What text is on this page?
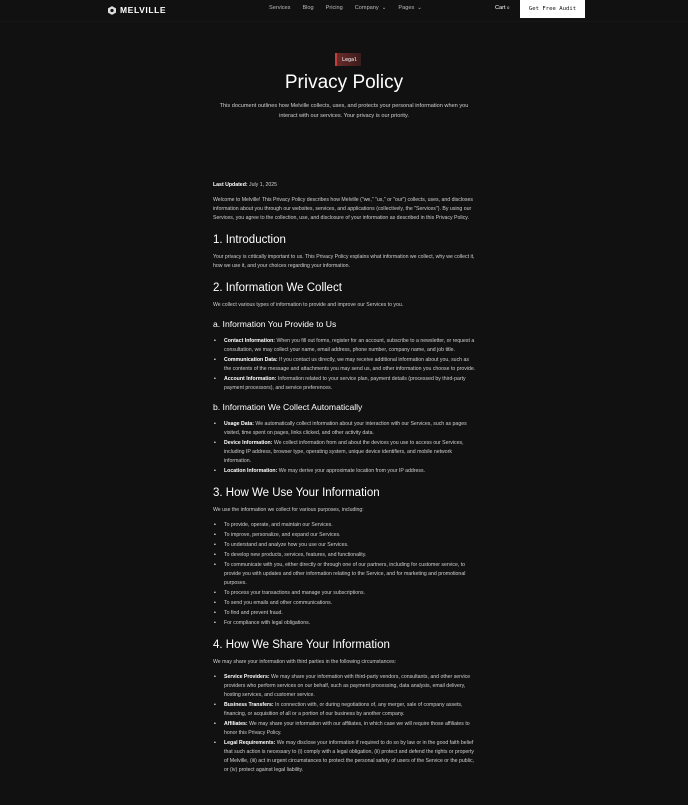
MELVILLE	Services Blog Pricing Company ⌄ Pages ⌄	Cart 0	Get Free Audit
Legal
Privacy Policy
This document outlines how Melville collects, uses, and protects your personal information when you interact with our services. Your privacy is our priority.

Last Updated: July 1, 2025

Welcome to Melville! This Privacy Policy describes how Melville ("we," "us," or "our") collects, uses, and discloses information about you through our websites, services, and applications (collectively, the "Services"). By using our Services, you agree to the collection, use, and disclosure of your information as described in this Privacy Policy.

1. Introduction

Your privacy is critically important to us. This Privacy Policy explains what information we collect, why we collect it, how we use it, and your choices regarding your information.

2. Information We Collect

We collect various types of information to provide and improve our Services to you.

a. Information You Provide to Us
• Contact Information: When you fill out forms, register for an account, subscribe to a newsletter, or request a consultation, we may collect your name, email address, phone number, company name, and job title.
• Communication Data: If you contact us directly, we may receive additional information about you, such as the contents of the message and attachments you may send us, and other information you choose to provide.
• Account Information: Information related to your service plan, payment details (processed by third-party payment processors), and service preferences.
b. Information We Collect Automatically
• Usage Data: We automatically collect information about your interaction with our Services, such as pages visited, time spent on pages, links clicked, and other activity data.
• Device Information: We collect information from and about the devices you use to access our Services, including IP address, browser type, operating system, unique device identifiers, and mobile network information.
• Location Information: We may derive your approximate location from your IP address.
3. How We Use Your Information

We use the information we collect for various purposes, including:

• To provide, operate, and maintain our Services.
• To improve, personalize, and expand our Services.
• To understand and analyze how you use our Services.
• To develop new products, services, features, and functionality.
• To communicate with you, either directly or through one of our partners, including for customer service, to provide you with updates and other information relating to the Service, and for marketing and promotional purposes.
• To process your transactions and manage your subscriptions.
• To send you emails and other communications.
• To find and prevent fraud.
• For compliance with legal obligations.
4. How We Share Your Information

We may share your information with third parties in the following circumstances:

• Service Providers: We may share your information with third-party vendors, consultants, and other service providers who perform services on our behalf, such as payment processing, data analysis, email delivery, hosting services, and customer service.
• Business Transfers: In connection with, or during negotiations of, any merger, sale of company assets, financing, or acquisition of all or a portion of our business by another company.
• Affiliates: We may share your information with our affiliates, in which case we will require those affiliates to honor this Privacy Policy.
• Legal Requirements: We may disclose your information if required to do so by law or in the good faith belief that such action is necessary to (i) comply with a legal obligation, (ii) protect and defend the rights or property of Melville, (iii) act in urgent circumstances to protect the personal safety of users of the Service or the public, or (iv) protect against legal liability.
